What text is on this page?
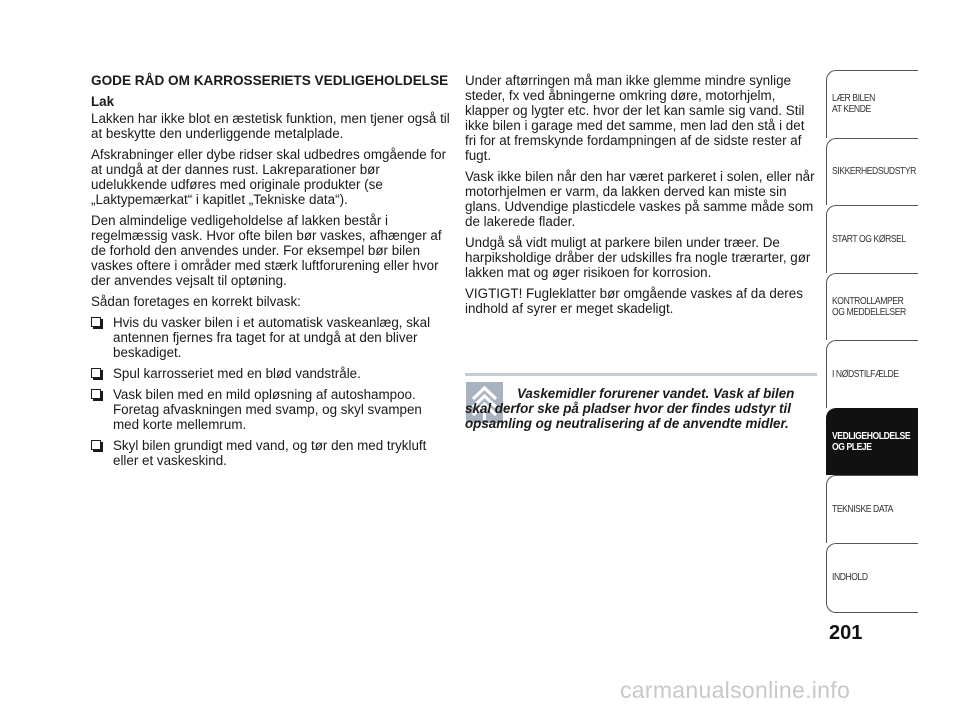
GODE RÅD OM KARROSSERIETS VEDLIGEHOLDELSE
Lak

Lakken har ikke blot en æstetisk funktion, men tjener også til at beskytte den underliggende metalplade.

Afskrabninger eller dybe ridser skal udbedres omgående for at undgå at der dannes rust. Lakreparationer bør udelukkende udføres med originale produkter (se „Laktypemærkat“ i kapitlet „Tekniske data“).

Den almindelige vedligeholdelse af lakken består i regelmæssig vask. Hvor ofte bilen bør vaskes, afhænger af de forhold den anvendes under. For eksempel bør bilen vaskes oftere i områder med stærk luftforurening eller hvor der anvendes vejsalt til optøning.

Sådan foretages en korrekt bilvask:

Hvis du vasker bilen i et automatisk vaskeanlæg, skal antennen fjernes fra taget for at undgå at den bliver beskadiget.
Spul karrosseriet med en blød vandstråle.
Vask bilen med en mild opløsning af autoshampoo. Foretag afvaskningen med svamp, og skyl svampen med korte mellemrum.
Skyl bilen grundigt med vand, og tør den med trykluft eller et vaskeskind.

Under aftørringen må man ikke glemme mindre synlige steder, fx ved åbningerne omkring døre, motorhjelm, klapper og lygter etc. hvor der let kan samle sig vand. Stil ikke bilen i garage med det samme, men lad den stå i det fri for at fremskynde fordampningen af de sidste rester af fugt.

Vask ikke bilen når den har været parkeret i solen, eller når motorhjelmen er varm, da lakken derved kan miste sin glans. Udvendige plasticdele vaskes på samme måde som de lakerede flader.

Undgå så vidt muligt at parkere bilen under træer. De harpiksholdige dråber der udskilles fra nogle trærarter, gør lakken mat og øger risikoen for korrosion.

VIGTIGT! Fugleklatter bør omgående vaskes af da deres indhold af syrer er meget skadeligt.

Vaskemidler forurener vandet. Vask af bilen skal derfor ske på pladser hvor der findes udstyr til opsamling og neutralisering af de anvendte midler.
LÆR BILEN
AT KENDE
SIKKERHEDSUDSTYR
START OG KØRSEL
KONTROLLAMPER
OG MEDDELELSER
I NØDSTILFÆLDE
VEDLIGEHOLDELSE
OG PLEJE
TEKNISKE DATA
INDHOLD
201
carmanualsonline.info
